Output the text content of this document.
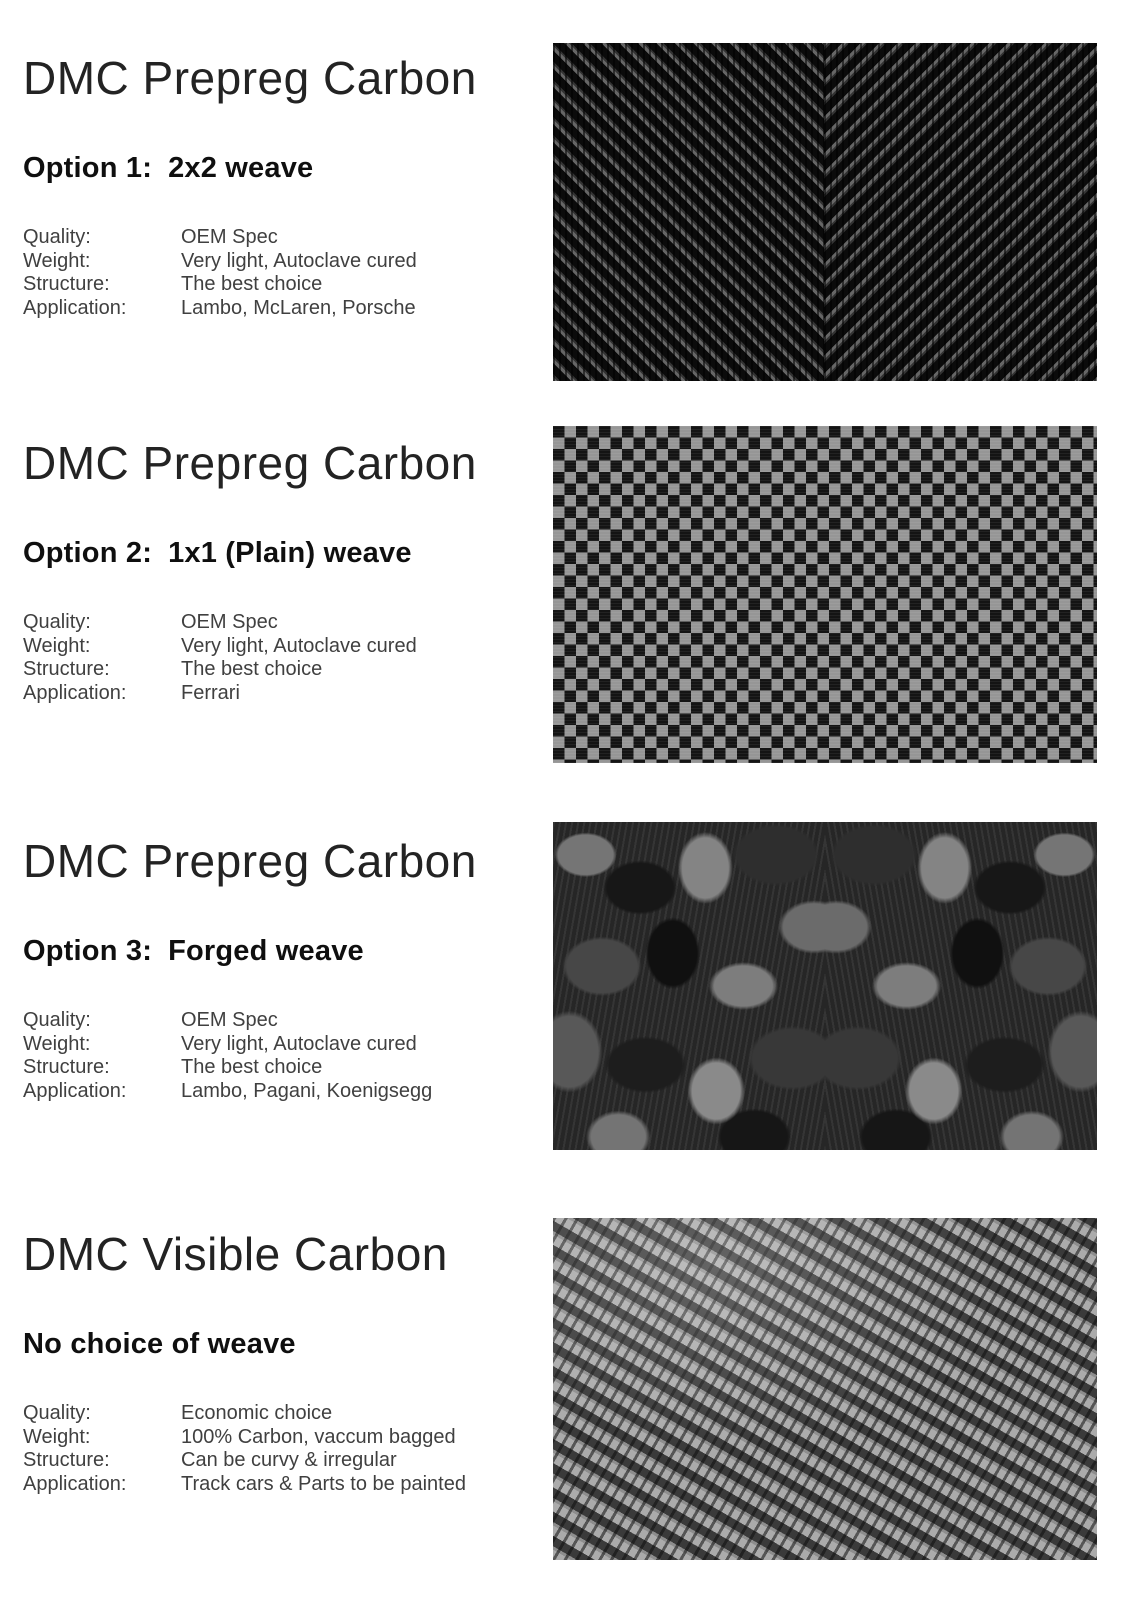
DMC Prepreg Carbon
Option 1: 2x2 weave
Quality:	OEM Spec
Weight:	Very light, Autoclave cured
Structure:	The best choice
Application:	Lambo, McLaren, Porsche
DMC Prepreg Carbon
Option 2: 1x1 (Plain) weave
Quality:	OEM Spec
Weight:	Very light, Autoclave cured
Structure:	The best choice
Application:	Ferrari
DMC Prepreg Carbon
Option 3: Forged weave
Quality:	OEM Spec
Weight:	Very light, Autoclave cured
Structure:	The best choice
Application:	Lambo, Pagani, Koenigsegg
DMC Visible Carbon
No choice of weave
Quality:	Economic choice
Weight:	100% Carbon, vaccum bagged
Structure:	Can be curvy & irregular
Application:	Track cars & Parts to be painted
